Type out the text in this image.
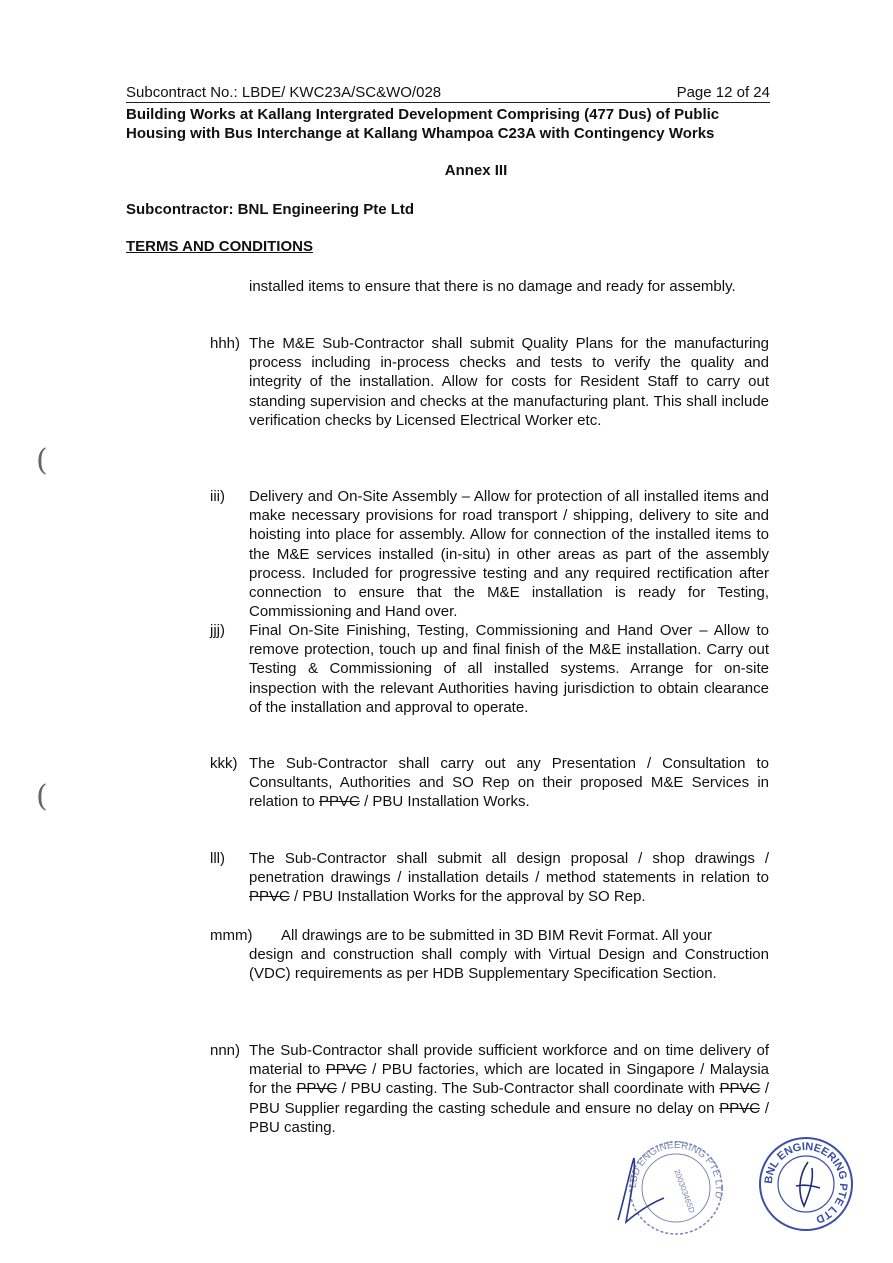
Subcontract No.: LBDE/ KWC23A/SC&WO/028	Page 12 of 24
Building Works at Kallang Intergrated Development Comprising (477 Dus) of Public Housing with Bus Interchange at Kallang Whampoa C23A with Contingency Works
Annex III
Subcontractor: BNL Engineering Pte Ltd
TERMS AND CONDITIONS
installed items to ensure that there is no damage and ready for assembly.
hhh) The M&E Sub-Contractor shall submit Quality Plans for the manufacturing process including in-process checks and tests to verify the quality and integrity of the installation. Allow for costs for Resident Staff to carry out standing supervision and checks at the manufacturing plant. This shall include verification checks by Licensed Electrical Worker etc.
(
iii) Delivery and On-Site Assembly – Allow for protection of all installed items and make necessary provisions for road transport / shipping, delivery to site and hoisting into place for assembly. Allow for connection of the installed items to the M&E services installed (in-situ) in other areas as part of the assembly process. Included for progressive testing and any required rectification after connection to ensure that the M&E installation is ready for Testing, Commissioning and Hand over.
jjj) Final On-Site Finishing, Testing, Commissioning and Hand Over – Allow to remove protection, touch up and final finish of the M&E installation. Carry out Testing & Commissioning of all installed systems. Arrange for on-site inspection with the relevant Authorities having jurisdiction to obtain clearance of the installation and approval to operate.
kkk) The Sub-Contractor shall carry out any Presentation / Consultation to Consultants, Authorities and SO Rep on their proposed M&E Services in relation to PPVC / PBU Installation Works.
(
lll) The Sub-Contractor shall submit all design proposal / shop drawings / penetration drawings / installation details / method statements in relation to PPVC / PBU Installation Works for the approval by SO Rep.
mmm) All drawings are to be submitted in 3D BIM Revit Format. All your
design and construction shall comply with Virtual Design and Construction (VDC) requirements as per HDB Supplementary Specification Section.
nnn) The Sub-Contractor shall provide sufficient workforce and on time delivery of material to PPVC / PBU factories, which are located in Singapore / Malaysia for the PPVC / PBU casting. The Sub-Contractor shall coordinate with PPVC / PBU Supplier regarding the casting schedule and ensure no delay on PPVC / PBU casting.
LBD ENGINEERING PTE LTD
200303465D	BNL ENGINEERING PTE LTD
